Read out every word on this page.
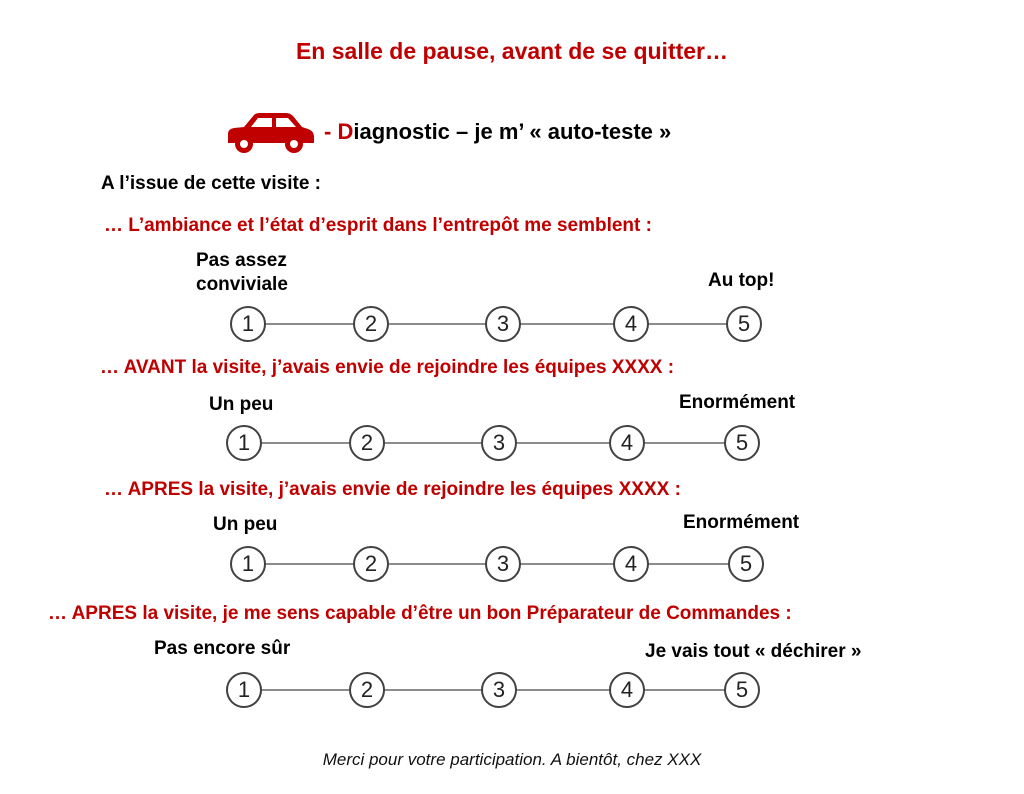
En salle de pause, avant de se quitter…
- Diagnostic – je m’ « auto-teste »
A l’issue de cette visite :
… L’ambiance et l’état d’esprit dans l’entrepôt me semblent :
Pas assez
conviviale	Au top!
1	2	3	4	5
… AVANT la visite, j’avais envie de rejoindre les équipes XXXX :
Un peu	Enormément
1	2	3	4	5
… APRES la visite, j’avais envie de rejoindre les équipes XXXX :
Un peu	Enormément
1	2	3	4	5
… APRES la visite, je me sens capable d’être un bon Préparateur de Commandes :
Pas encore sûr	Je vais tout « déchirer »
1	2	3	4	5
Merci pour votre participation. A bientôt, chez XXX
